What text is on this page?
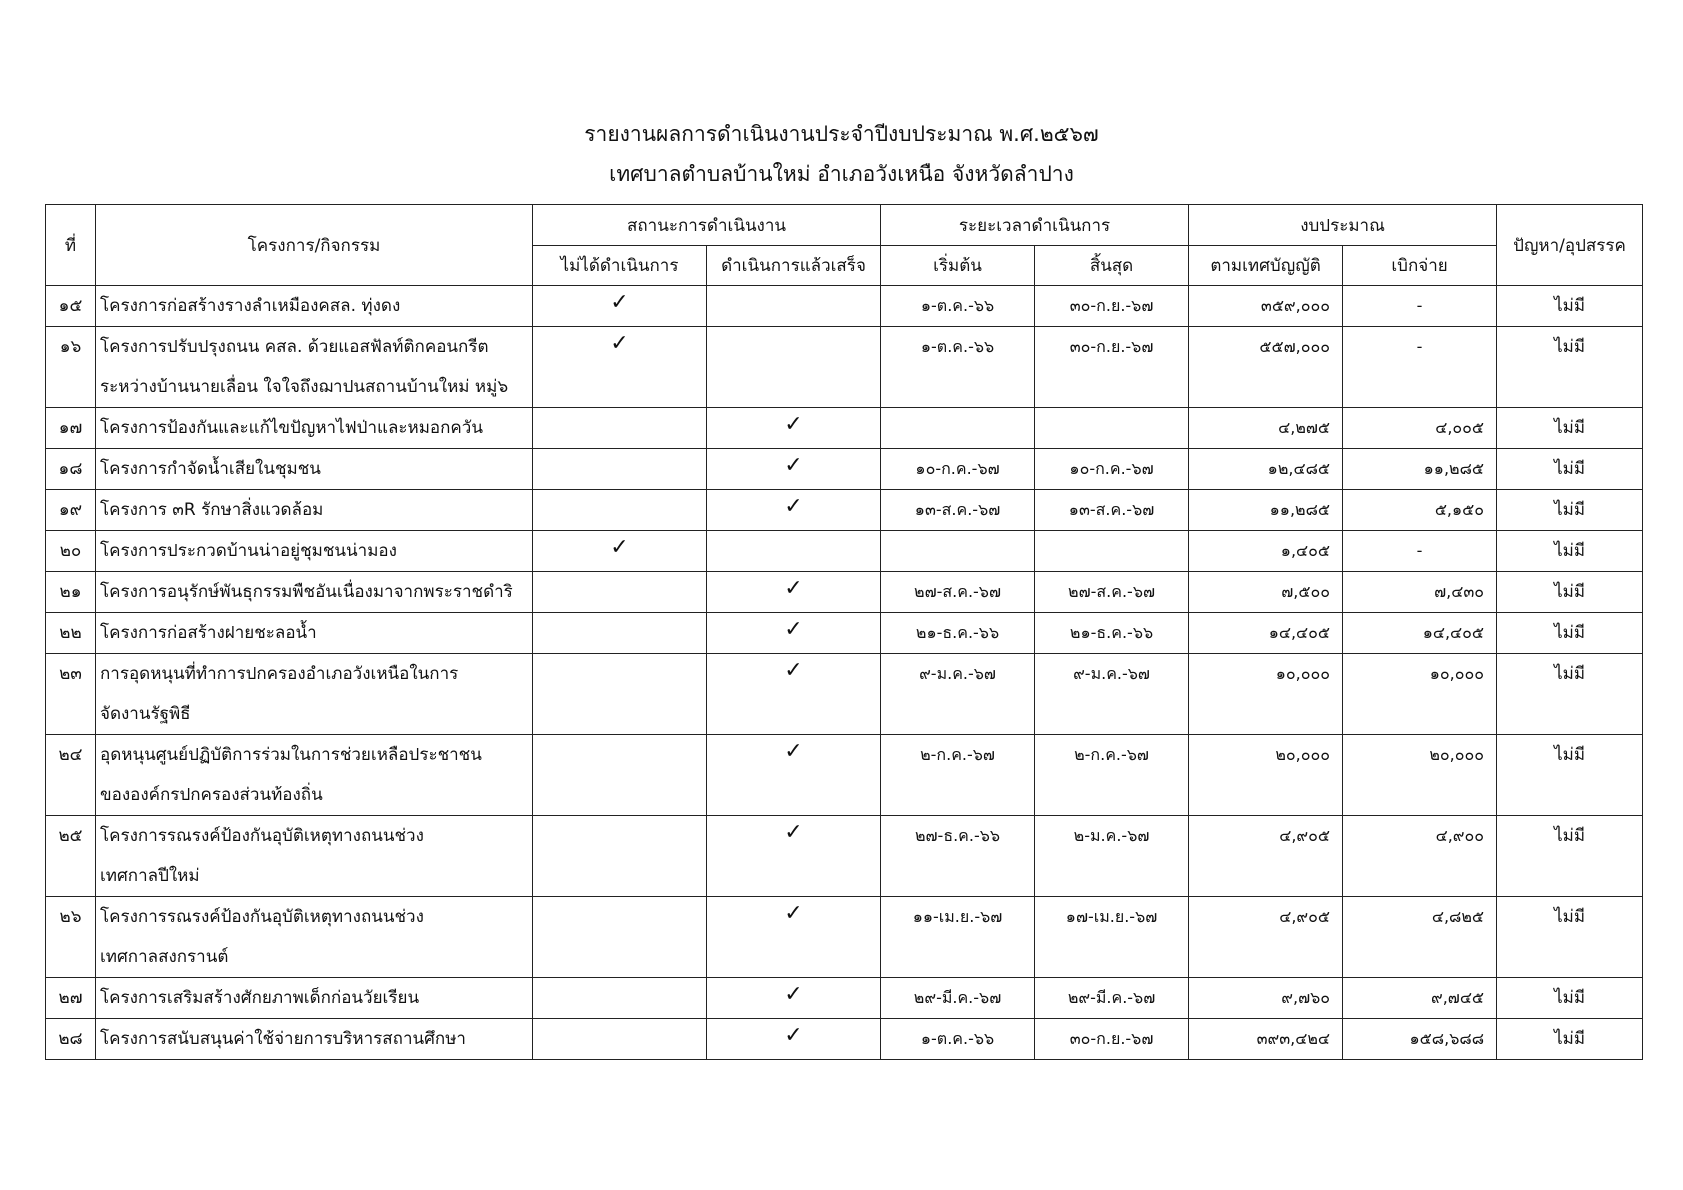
รายงานผลการดำเนินงานประจำปีงบประมาณ พ.ศ.๒๕๖๗
เทศบาลตำบลบ้านใหม่ อำเภอวังเหนือ จังหวัดลำปาง
ที่	โครงการ/กิจกรรม	สถานะการดำเนินงาน		ระยะเวลาดำเนินการ		งบประมาณ		ปัญหา/อุปสรรค
		ไม่ได้ดำเนินการ	ดำเนินการแล้วเสร็จ	เริ่มต้น	สิ้นสุด	ตามเทศบัญญัติ	เบิกจ่าย	
๑๕	โครงการก่อสร้างรางลำเหมืองคสล. ทุ่งดง	✓		๑-ต.ค.-๖๖	๓๐-ก.ย.-๖๗	๓๕๙,๐๐๐	-	ไม่มี
๑๖	โครงการปรับปรุงถนน คสล. ด้วยแอสฟัลท์ติกคอนกรีต
ระหว่างบ้านนายเลื่อน ใจใจถึงฌาปนสถานบ้านใหม่ หมู่๖	✓		๑-ต.ค.-๖๖	๓๐-ก.ย.-๖๗	๕๕๗,๐๐๐	-	ไม่มี
๑๗	โครงการป้องกันและแก้ไขปัญหาไฟป่าและหมอกควัน		✓			๔,๒๗๕	๔,๐๐๕	ไม่มี
๑๘	โครงการกำจัดน้ำเสียในชุมชน		✓	๑๐-ก.ค.-๖๗	๑๐-ก.ค.-๖๗	๑๒,๔๘๕	๑๑,๒๘๕	ไม่มี
๑๙	โครงการ ๓R รักษาสิ่งแวดล้อม		✓	๑๓-ส.ค.-๖๗	๑๓-ส.ค.-๖๗	๑๑,๒๘๕	๕,๑๕๐	ไม่มี
๒๐	โครงการประกวดบ้านน่าอยู่ชุมชนน่ามอง	✓				๑,๔๐๕	-	ไม่มี
๒๑	โครงการอนุรักษ์พันธุกรรมพืชอันเนื่องมาจากพระราชดำริ		✓	๒๗-ส.ค.-๖๗	๒๗-ส.ค.-๖๗	๗,๕๐๐	๗,๔๓๐	ไม่มี
๒๒	โครงการก่อสร้างฝายชะลอน้ำ		✓	๒๑-ธ.ค.-๖๖	๒๑-ธ.ค.-๖๖	๑๔,๔๐๕	๑๔,๔๐๕	ไม่มี
๒๓	การอุดหนุนที่ทำการปกครองอำเภอวังเหนือในการ
จัดงานรัฐพิธี		✓	๙-ม.ค.-๖๗	๙-ม.ค.-๖๗	๑๐,๐๐๐	๑๐,๐๐๐	ไม่มี
๒๔	อุดหนุนศูนย์ปฏิบัติการร่วมในการช่วยเหลือประชาชน
ขององค์กรปกครองส่วนท้องถิ่น		✓	๒-ก.ค.-๖๗	๒-ก.ค.-๖๗	๒๐,๐๐๐	๒๐,๐๐๐	ไม่มี
๒๕	โครงการรณรงค์ป้องกันอุบัติเหตุทางถนนช่วง
เทศกาลปีใหม่		✓	๒๗-ธ.ค.-๖๖	๒-ม.ค.-๖๗	๔,๙๐๕	๔,๙๐๐	ไม่มี
๒๖	โครงการรณรงค์ป้องกันอุบัติเหตุทางถนนช่วง
เทศกาลสงกรานต์		✓	๑๑-เม.ย.-๖๗	๑๗-เม.ย.-๖๗	๔,๙๐๕	๔,๘๒๕	ไม่มี
๒๗	โครงการเสริมสร้างศักยภาพเด็กก่อนวัยเรียน		✓	๒๙-มี.ค.-๖๗	๒๙-มี.ค.-๖๗	๙,๗๖๐	๙,๗๔๕	ไม่มี
๒๘	โครงการสนับสนุนค่าใช้จ่ายการบริหารสถานศึกษา		✓	๑-ต.ค.-๖๖	๓๐-ก.ย.-๖๗	๓๙๓,๔๒๔	๑๕๘,๖๘๘	ไม่มี
